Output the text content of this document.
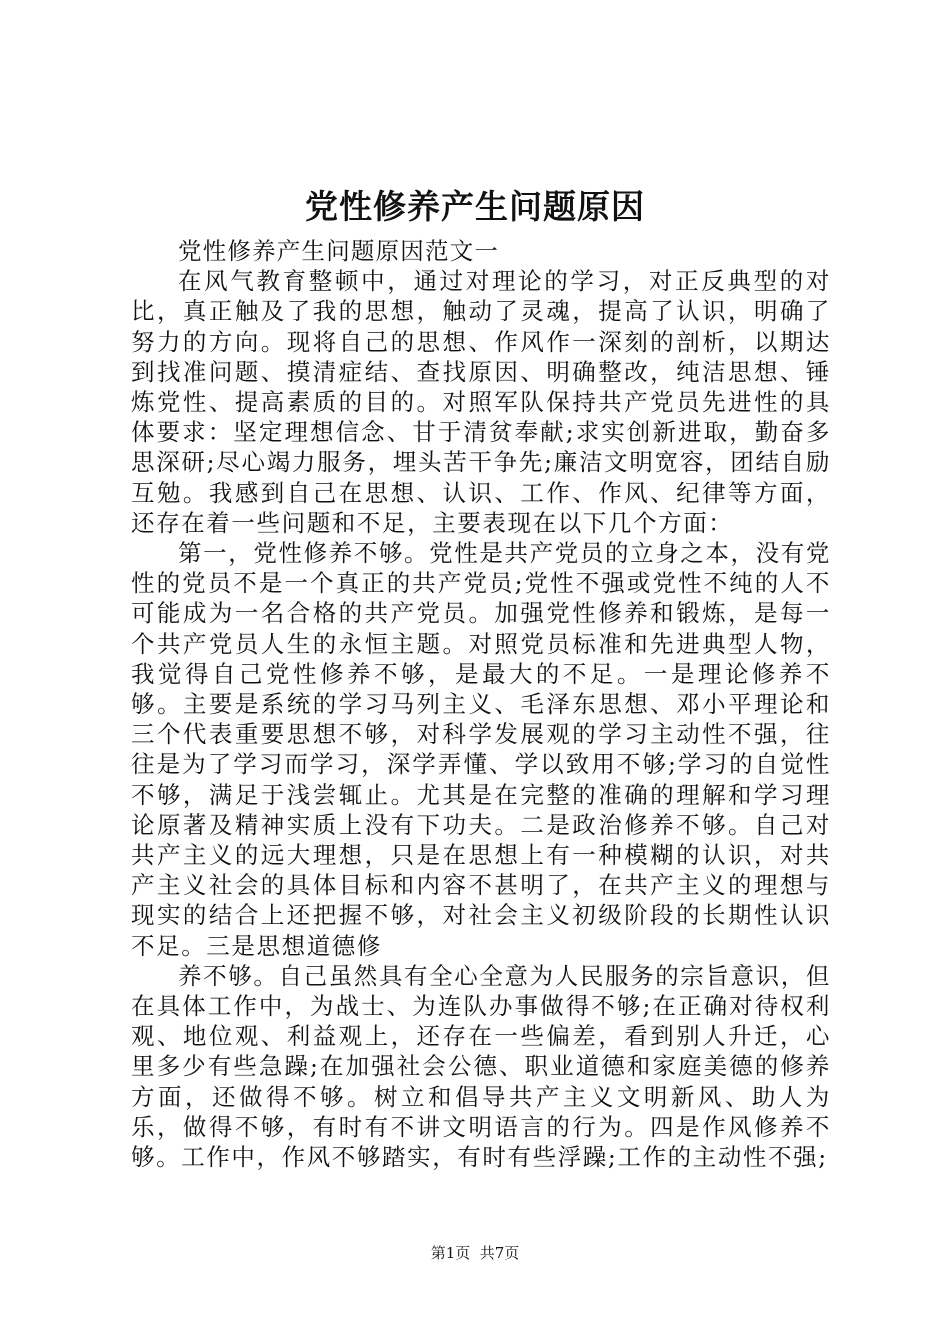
党性修养产生问题原因

党性修养产生问题原因范文一

在风气教育整顿中，通过对理论的学习，对正反典型的对比，真正触及了我的思想，触动了灵魂，提高了认识，明确了努力的方向。现将自己的思想、作风作一深刻的剖析，以期达到找准问题、摸清症结、查找原因、明确整改，纯洁思想、锤炼党性、提高素质的目的。对照军队保持共产党员先进性的具体要求：坚定理想信念、甘于清贫奉献;求实创新进取，勤奋多思深研;尽心竭力服务，埋头苦干争先;廉洁文明宽容，团结自励互勉。我感到自己在思想、认识、工作、作风、纪律等方面，还存在着一些问题和不足，主要表现在以下几个方面：

第一，党性修养不够。党性是共产党员的立身之本，没有党性的党员不是一个真正的共产党员;党性不强或党性不纯的人不可能成为一名合格的共产党员。加强党性修养和锻炼，是每一个共产党员人生的永恒主题。对照党员标准和先进典型人物，我觉得自己党性修养不够，是最大的不足。一是理论修养不够。主要是系统的学习马列主义、毛泽东思想、邓小平理论和三个代表重要思想不够，对科学发展观的学习主动性不强，往往是为了学习而学习，深学弄懂、学以致用不够;学习的自觉性不够，满足于浅尝辄止。尤其是在完整的准确的理解和学习理论原著及精神实质上没有下功夫。二是政治修养不够。自己对共产主义的远大理想，只是在思想上有一种模糊的认识，对共产主义社会的具体目标和内容不甚明了，在共产主义的理想与现实的结合上还把握不够，对社会主义初级阶段的长期性认识不足。三是思想道德修

养不够。自己虽然具有全心全意为人民服务的宗旨意识，但在具体工作中，为战士、为连队办事做得不够;在正确对待权利观、地位观、利益观上，还存在一些偏差，看到别人升迁，心里多少有些急躁;在加强社会公德、职业道德和家庭美德的修养方面，还做得不够。树立和倡导共产主义文明新风、助人为乐，做得不够，有时有不讲文明语言的行为。四是作风修养不够。工作中，作风不够踏实，有时有些浮躁;工作的主动性不强;

第1页  共7页
